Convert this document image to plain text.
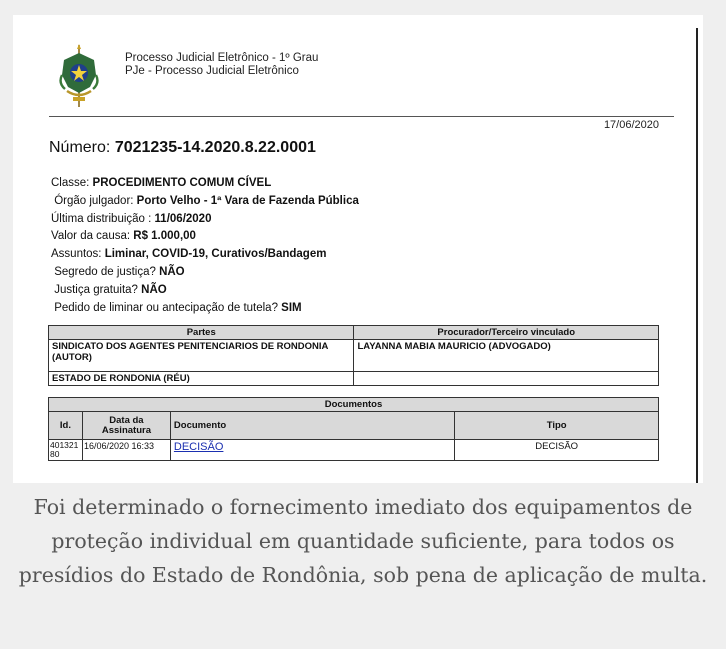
Processo Judicial Eletrônico - 1º Grau
PJe - Processo Judicial Eletrônico
17/06/2020
Número: 7021235-14.2020.8.22.0001
Classe: PROCEDIMENTO COMUM CÍVEL
Órgão julgador: Porto Velho - 1ª Vara de Fazenda Pública
Última distribuição : 11/06/2020
Valor da causa: R$ 1.000,00
Assuntos: Liminar, COVID-19, Curativos/Bandagem
Segredo de justiça? NÃO
Justiça gratuita? NÃO
Pedido de liminar ou antecipação de tutela? SIM
Partes	Procurador/Terceiro vinculado
SINDICATO DOS AGENTES PENITENCIARIOS DE RONDONIA (AUTOR)	LAYANNA MABIA MAURICIO (ADVOGADO)
ESTADO DE RONDONIA (RÉU)	
Documentos			
Id.	Data da Assinatura	Documento	Tipo
40132180	16/06/2020 16:33	DECISÃO	DECISÃO
Foi determinado o fornecimento imediato dos equipamentos de proteção individual em quantidade suficiente, para todos os presídios do Estado de Rondônia, sob pena de aplicação de multa.
